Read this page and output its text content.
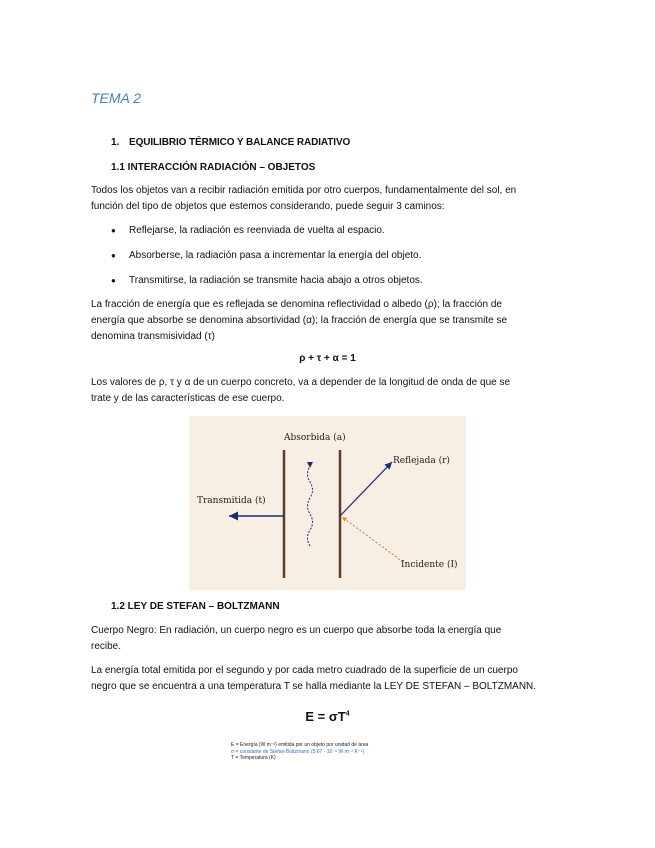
TEMA 2
1. EQUILIBRIO TÉRMICO Y BALANCE RADIATIVO
1.1 INTERACCIÓN RADIACIÓN – OBJETOS
Todos los objetos van a recibir radiación emitida por otro cuerpos, fundamentalmente del sol, en
función del tipo de objetos que estemos considerando, puede seguir 3 caminos:
● Reflejarse, la radiación es reenviada de vuelta al espacio.
● Absorberse, la radiación pasa a incrementar la energía del objeto.
● Transmitirse, la radiación se transmite hacia abajo a otros objetos.
La fracción de energía que es reflejada se denomina reflectividad o albedo (ρ); la fracción de
energía que absorbe se denomina absortividad (α); la fracción de energía que se transmite se
denomina transmisividad (τ)
ρ + τ + α = 1
Los valores de ρ, τ y α de un cuerpo concreto, va a depender de la longitud de onda de que se
trate y de las características de ese cuerpo.
Absorbida (a)
Reflejada (r)
Transmitida (t)
Incidente (I)
1.2 LEY DE STEFAN – BOLTZMANN
Cuerpo Negro: En radiación, un cuerpo negro es un cuerpo que absorbe toda la energía que
recibe.
La energía total emitida por el segundo y por cada metro cuadrado de la superficie de un cuerpo
negro que se encuentra a una temperatura T se halla mediante la LEY DE STEFAN – BOLTZMANN.
$E = \sigma T^4$
E = Energía (W m⁻²) emitida por un objeto por unidad de área
σ = constante de Stefan-Boltzmann (5.67 · 10⁻⁸ W m⁻² K⁻⁴)
T = Temperatura (K)
